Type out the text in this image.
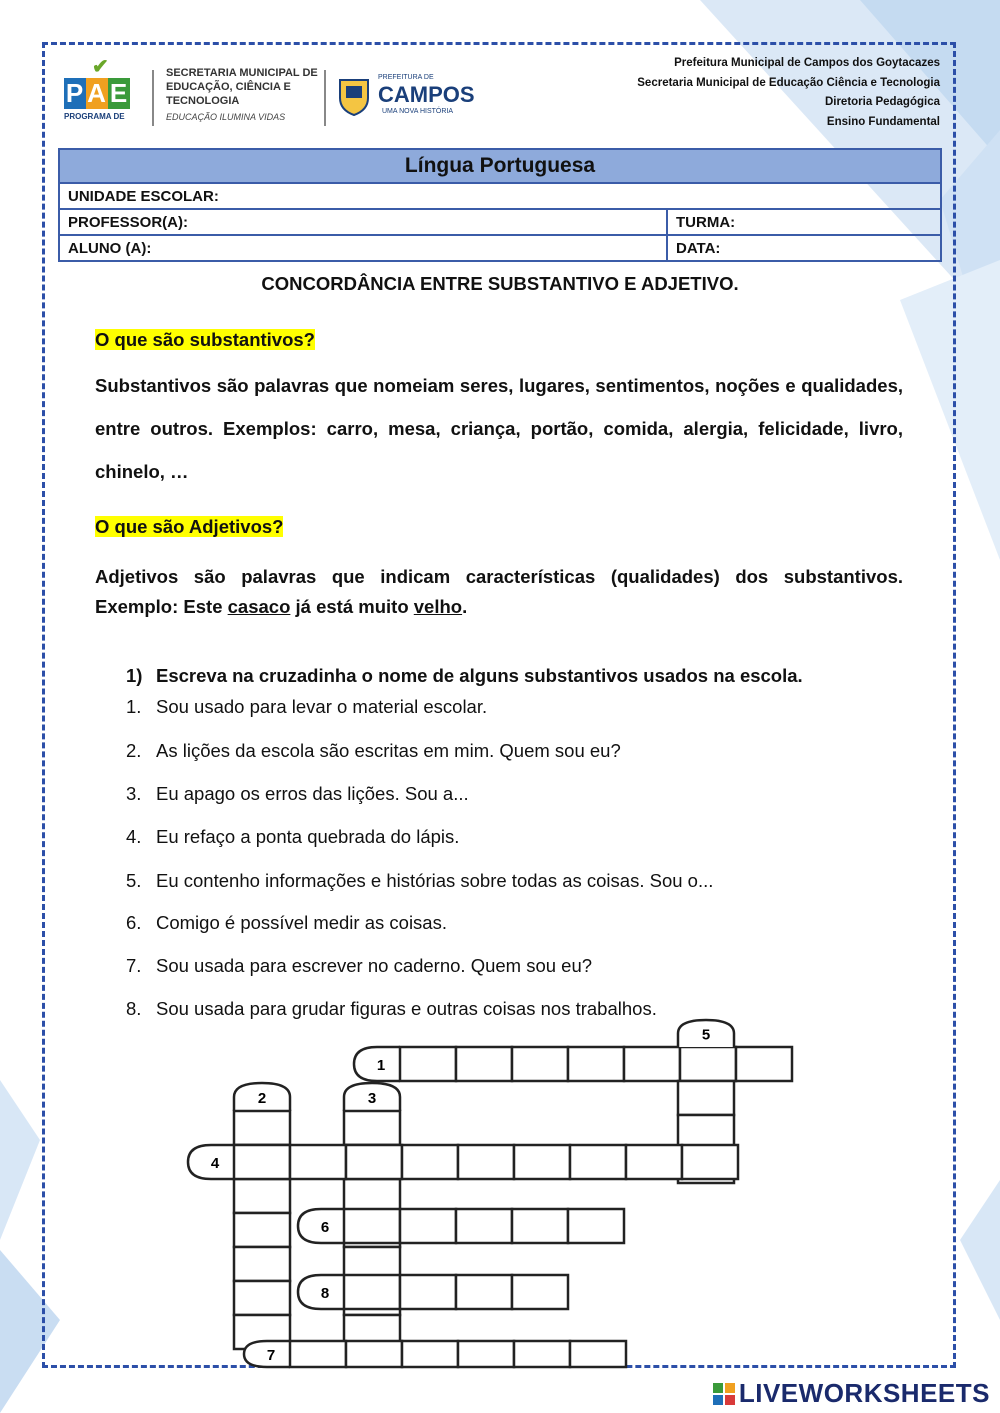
✔
P A E
PROGRAMA DE
SECRETARIA MUNICIPAL DE EDUCAÇÃO, CIÊNCIA E TECNOLOGIA
EDUCAÇÃO ILUMINA VIDAS
PREFEITURA DE
CAMPOS
UMA NOVA HISTÓRIA
Prefeitura Municipal de Campos dos Goytacazes
Secretaria Municipal de Educação Ciência e Tecnologia
Diretoria Pedagógica
Ensino Fundamental
Língua Portuguesa	
UNIDADE ESCOLAR:	
PROFESSOR(A):	TURMA:
ALUNO (A):	DATA:
CONCORDÂNCIA ENTRE SUBSTANTIVO E ADJETIVO.
O que são substantivos?
Substantivos são palavras que nomeiam seres, lugares, sentimentos, noções e qualidades, entre outros. Exemplos: carro, mesa, criança, portão, comida, alergia, felicidade, livro, chinelo, …
O que são Adjetivos?
Adjetivos são palavras que indicam características (qualidades) dos substantivos. Exemplo: Este casaco já está muito velho.
1) Escreva na cruzadinha o nome de alguns substantivos usados na escola.
1. Sou usado para levar o material escolar.
2. As lições da escola são escritas em mim. Quem sou eu?
3. Eu apago os erros das lições. Sou a...
4. Eu refaço a ponta quebrada do lápis.
5. Eu contenho informações e histórias sobre todas as coisas. Sou o...
6. Comigo é possível medir as coisas.
7. Sou usada para escrever no caderno. Quem sou eu?
8. Sou usada para grudar figuras e outras coisas nos trabalhos.
1
5
2	3
4
6
8
7
LIVEWORKSHEETS
